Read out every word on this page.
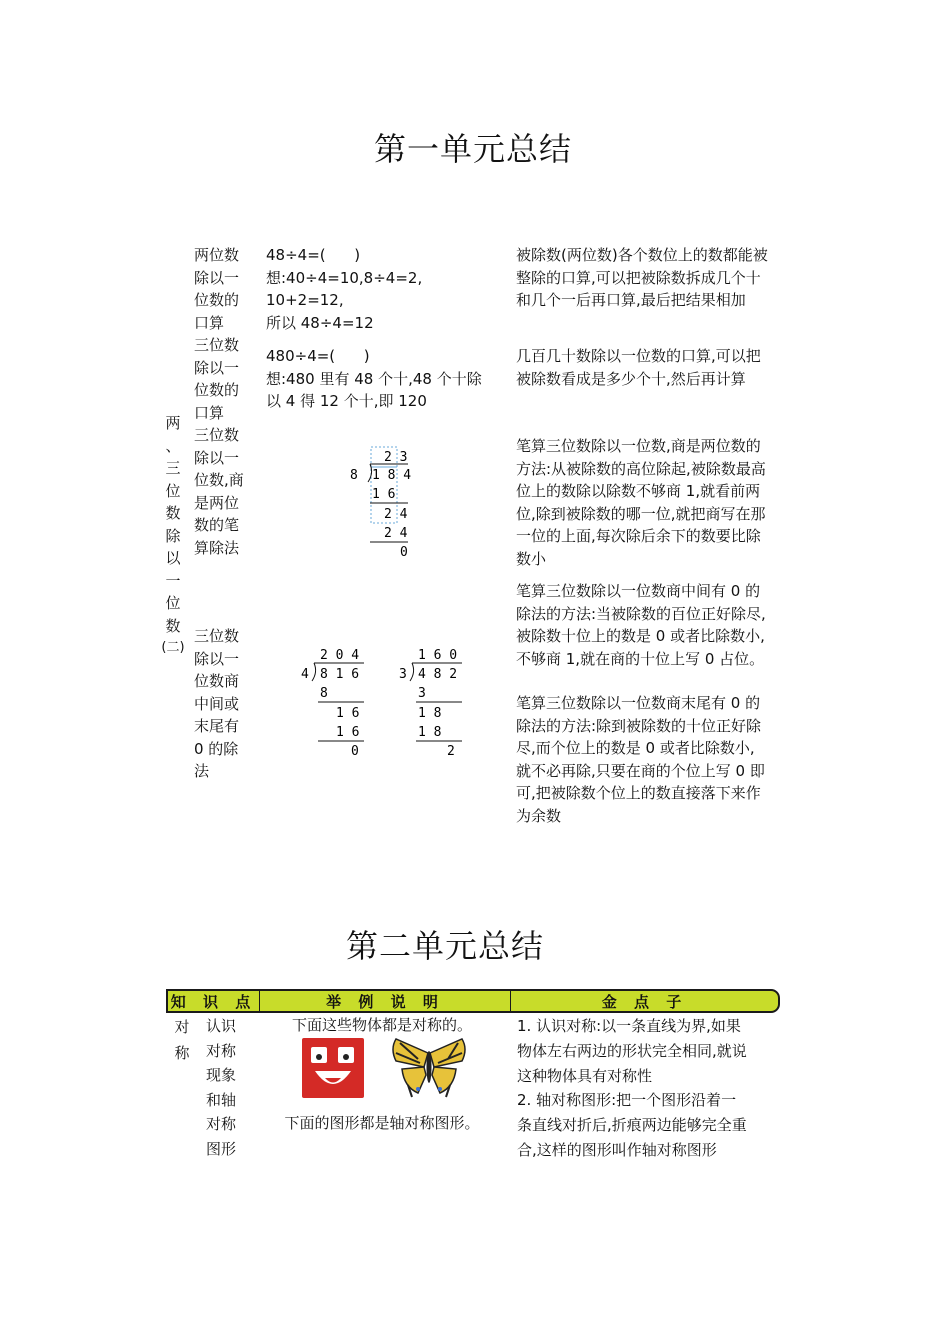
第一单元总结
两
、
三
位
数
除
以
一
位
数
(二)
两位数除以一位数的口算
48÷4=(      )
想:40÷4=10,8÷4=2,
10+2=12,
所以 48÷4=12
被除数(两位数)各个数位上的数都能被整除的口算,可以把被除数拆成几个十和几个一后再口算,最后把结果相加
三位数除以一位数的口算
480÷4=(      )
想:480 里有 48 个十,48 个十除
以 4 得 12 个十,即 120
几百几十数除以一位数的口算,可以把被除数看成是多少个十,然后再计算
三位数除以一位数,商是两位数的笔算除法
2 3
8 1 8 4
1 6
2 4
2 4
0
笔算三位数除以一位数,商是两位数的方法:从被除数的高位除起,被除数最高位上的数除以除数不够商 1,就看前两位,除到被除数的哪一位,就把商写在那一位的上面,每次除后余下的数要比除数小
三位数除以一位数商中间或末尾有 0 的除法
2 0 4
4 8 1 6
8
1 6
1 6
0
1 6 0
3 4 8 2
3
1 8
1 8
2
笔算三位数除以一位数商中间有 0 的除法的方法:当被除数的百位正好除尽,被除数十位上的数是 0 或者比除数小,不够商 1,就在商的十位上写 0 占位。
笔算三位数除以一位数商末尾有 0 的除法的方法:除到被除数的十位正好除尽,而个位上的数是 0 或者比除数小,就不必再除,只要在商的个位上写 0 即可,把被除数个位上的数直接落下来作为余数
第二单元总结
知 识 点	举 例 说 明	金 点 子
对
称
认识
对称
现象
和轴
对称
图形
下面这些物体都是对称的。
下面的图形都是轴对称图形。
1. 认识对称:以一条直线为界,如果
物体左右两边的形状完全相同,就说
这种物体具有对称性
2. 轴对称图形:把一个图形沿着一
条直线对折后,折痕两边能够完全重
合,这样的图形叫作轴对称图形
